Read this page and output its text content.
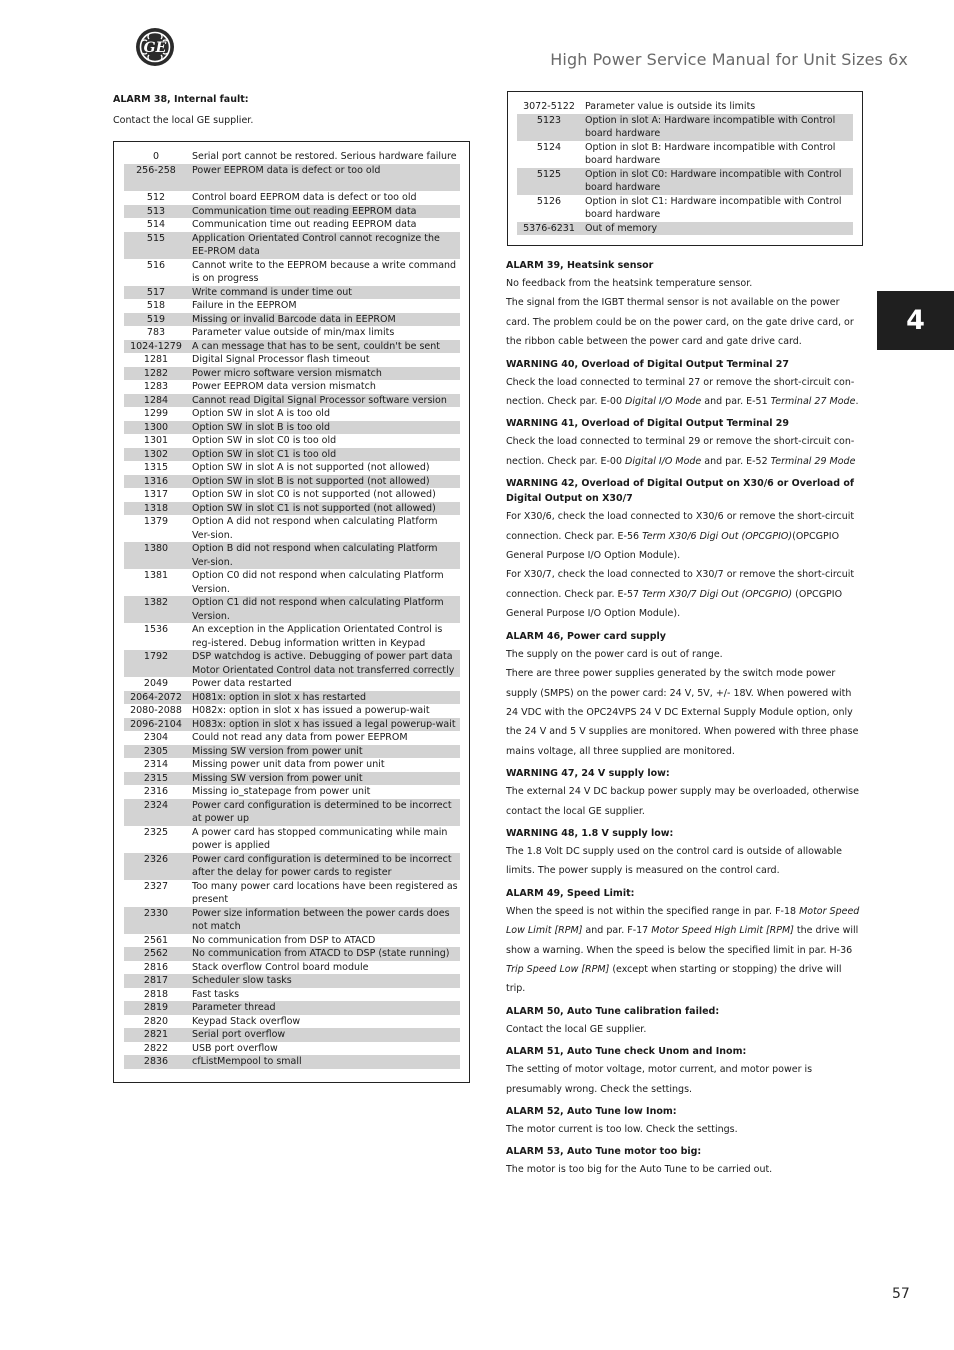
GE
High Power Service Manual for Unit Sizes 6x
4
ALARM 38, Internal fault:
Contact the local GE supplier.
0	Serial port cannot be restored. Serious hardware failure
256-258	Power EEPROM data is defect or too old
512	Control board EEPROM data is defect or too old
513	Communication time out reading EEPROM data
514	Communication time out reading EEPROM data
515	Application Orientated Control cannot recognize the EE-PROM data
516	Cannot write to the EEPROM because a write command is on progress
517	Write command is under time out
518	Failure in the EEPROM
519	Missing or invalid Barcode data in EEPROM
783	Parameter value outside of min/max limits
1024-1279	A can message that has to be sent, couldn't be sent
1281	Digital Signal Processor flash timeout
1282	Power micro software version mismatch
1283	Power EEPROM data version mismatch
1284	Cannot read Digital Signal Processor software version
1299	Option SW in slot A is too old
1300	Option SW in slot B is too old
1301	Option SW in slot C0 is too old
1302	Option SW in slot C1 is too old
1315	Option SW in slot A is not supported (not allowed)
1316	Option SW in slot B is not supported (not allowed)
1317	Option SW in slot C0 is not supported (not allowed)
1318	Option SW in slot C1 is not supported (not allowed)
1379	Option A did not respond when calculating Platform Ver-sion.
1380	Option B did not respond when calculating Platform Ver-sion.
1381	Option C0 did not respond when calculating Platform Version.
1382	Option C1 did not respond when calculating Platform Version.
1536	An exception in the Application Orientated Control is reg-istered. Debug information written in Keypad
1792	DSP watchdog is active. Debugging of power part data Motor Orientated Control data not transferred correctly
2049	Power data restarted
2064-2072	H081x: option in slot x has restarted
2080-2088	H082x: option in slot x has issued a powerup-wait
2096-2104	H083x: option in slot x has issued a legal powerup-wait
2304	Could not read any data from power EEPROM
2305	Missing SW version from power unit
2314	Missing power unit data from power unit
2315	Missing SW version from power unit
2316	Missing io_statepage from power unit
2324	Power card configuration is determined to be incorrect at power up
2325	A power card has stopped communicating while main power is applied
2326	Power card configuration is determined to be incorrect after the delay for power cards to register
2327	Too many power card locations have been registered as present
2330	Power size information between the power cards does not match
2561	No communication from DSP to ATACD
2562	No communication from ATACD to DSP (state running)
2816	Stack overflow Control board module
2817	Scheduler slow tasks
2818	Fast tasks
2819	Parameter thread
2820	Keypad Stack overflow
2821	Serial port overflow
2822	USB port overflow
2836	cfListMempool to small
3072-5122	Parameter value is outside its limits
5123	Option in slot A: Hardware incompatible with Control board hardware
5124	Option in slot B: Hardware incompatible with Control board hardware
5125	Option in slot C0: Hardware incompatible with Control board hardware
5126	Option in slot C1: Hardware incompatible with Control board hardware
5376-6231	Out of memory
ALARM 39, Heatsink sensor
No feedback from the heatsink temperature sensor.
The signal from the IGBT thermal sensor is not available on the power card. The problem could be on the power card, on the gate drive card, or the ribbon cable between the power card and gate drive card.
WARNING 40, Overload of Digital Output Terminal 27
Check the load connected to terminal 27 or remove the short-circuit con-nection. Check par. E-00 Digital I/O Mode and par. E-51 Terminal 27 Mode.
WARNING 41, Overload of Digital Output Terminal 29
Check the load connected to terminal 29 or remove the short-circuit con-nection. Check par. E-00 Digital I/O Mode and par. E-52 Terminal 29 Mode
WARNING 42, Overload of Digital Output on X30/6 or Overload of Digital Output on X30/7
For X30/6, check the load connected to X30/6 or remove the short-circuit connection. Check par. E-56 Term X30/6 Digi Out (OPCGPIO)(OPCGPIO General Purpose I/O Option Module).
For X30/7, check the load connected to X30/7 or remove the short-circuit connection. Check par. E-57 Term X30/7 Digi Out (OPCGPIO) (OPCGPIO General Purpose I/O Option Module).
ALARM 46, Power card supply
The supply on the power card is out of range.
There are three power supplies generated by the switch mode power supply (SMPS) on the power card: 24 V, 5V, +/- 18V. When powered with 24 VDC with the OPC24VPS 24 V DC External Supply Module option, only the 24 V and 5 V supplies are monitored. When powered with three phase mains voltage, all three supplied are monitored.
WARNING 47, 24 V supply low:
The external 24 V DC backup power supply may be overloaded, otherwise contact the local GE supplier.
WARNING 48, 1.8 V supply low:
The 1.8 Volt DC supply used on the control card is outside of allowable limits. The power supply is measured on the control card.
ALARM 49, Speed Limit:
When the speed is not within the specified range in par. F-18 Motor Speed Low Limit [RPM] and par. F-17 Motor Speed High Limit [RPM] the drive will show a warning. When the speed is below the specified limit in par. H-36 Trip Speed Low [RPM] (except when starting or stopping) the drive will trip.
ALARM 50, Auto Tune calibration failed:
Contact the local GE supplier.
ALARM 51, Auto Tune check Unom and Inom:
The setting of motor voltage, motor current, and motor power is presumably wrong. Check the settings.
ALARM 52, Auto Tune low Inom:
The motor current is too low. Check the settings.
ALARM 53, Auto Tune motor too big:
The motor is too big for the Auto Tune to be carried out.
57
